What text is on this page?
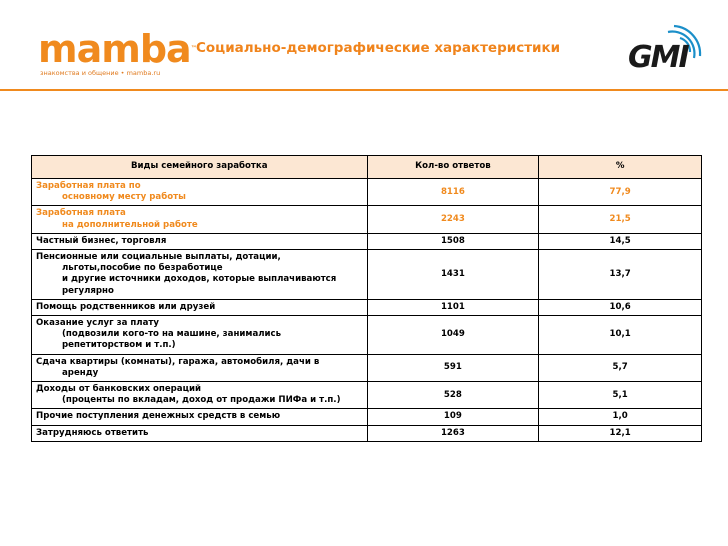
mamba™
знакомства и общение • mamba.ru
Социально-демографические характеристики GMI
Виды семейного заработка	Кол-во ответов	%

Заработная плата по
основному месту работы	8116	77,9

Заработная плата
на дополнительной работе	2243	21,5

Частный бизнес, торговля	1508	14,5

Пенсионные или социальные выплаты, дотации,
льготы,пособие по безработице
и другие источники доходов, которые выплачиваются
регулярно	1431	13,7

Помощь родственников или друзей	1101	10,6

Оказание услуг за плату
(подвозили кого-то на машине, занимались
репетиторством и т.п.)	1049	10,1

Сдача квартиры (комнаты), гаража, автомобиля, дачи в
аренду	591	5,7

Доходы от банковских операций
(проценты по вкладам, доход от продажи ПИФа и т.п.)	528	5,1

Прочие поступления денежных средств в семью	109	1,0

Затрудняюсь ответить	1263	12,1
